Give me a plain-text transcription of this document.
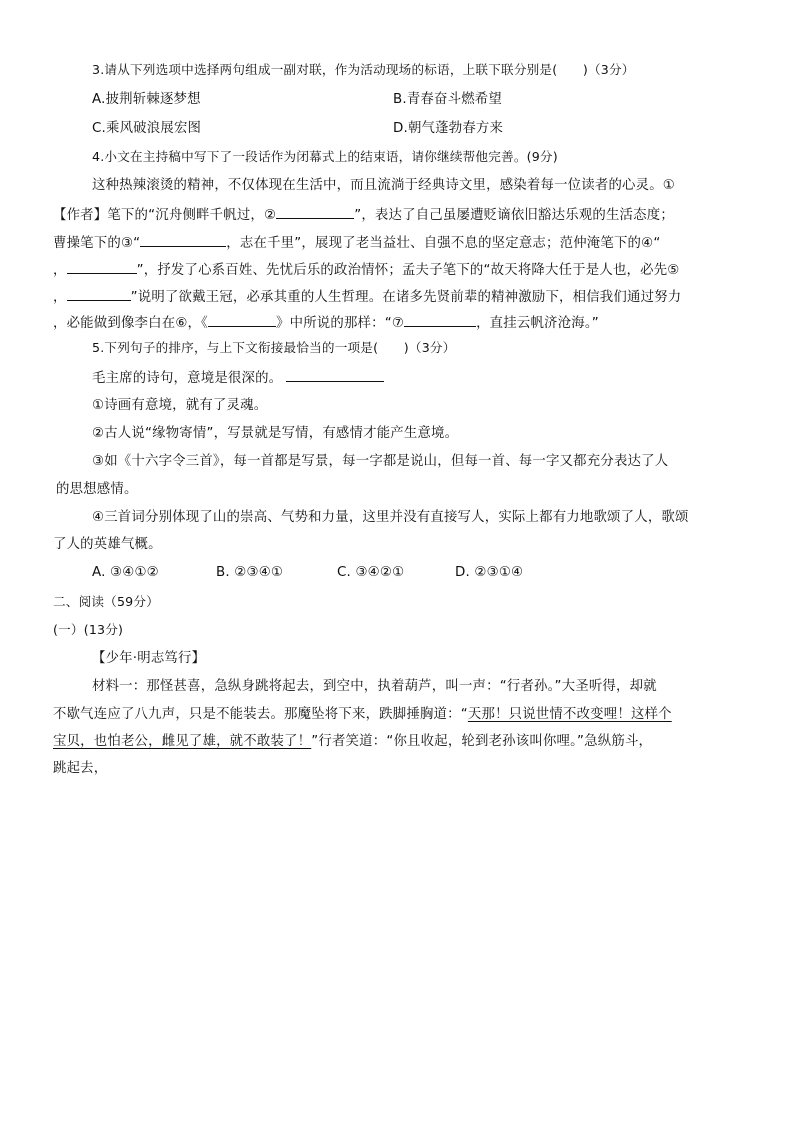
3.请从下列选项中选择两句组成一副对联，作为活动现场的标语，上联下联分别是(　　)（3分）
A.披荆斩棘逐梦想	B.青春奋斗燃希望
C.乘风破浪展宏图	D.朝气蓬勃春方来
4.小文在主持稿中写下了一段话作为闭幕式上的结束语，请你继续帮他完善。(9分)
这种热辣滚烫的精神，不仅体现在生活中，而且流淌于经典诗文里，感染着每一位读者的心灵。①
【作者】笔下的“沉舟侧畔千帆过，②	”，表达了自己虽屡遭贬谪依旧豁达乐观的生活态度；
曹操笔下的③“	，志在千里”，展现了老当益壮、自强不息的坚定意志；范仲淹笔下的④“
，	”，抒发了心系百姓、先忧后乐的政治情怀；孟夫子笔下的“故天将降大任于是人也，必先⑤
，	”说明了欲戴王冠，必承其重的人生哲理。在诸多先贤前辈的精神激励下，相信我们通过努力
，必能做到像李白在⑥，《	》中所说的那样：“⑦	，直挂云帆济沧海。”
5.下列句子的排序，与上下文衔接最恰当的一项是(　　)（3分）
毛主席的诗句，意境是很深的。
①诗画有意境，就有了灵魂。
②古人说“缘物寄情”，写景就是写情，有感情才能产生意境。
③如《十六字令三首》，每一首都是写景，每一字都是说山，但每一首、每一字又都充分表达了人
的思想感情。
④三首词分别体现了山的崇高、气势和力量，这里并没有直接写人，实际上都有力地歌颂了人，歌颂
了人的英雄气概。
A. ③④①②	B. ②③④①	C. ③④②①	D. ②③①④
二、阅读（59分）
(一）(13分)
【少年·明志笃行】
材料一：那怪甚喜，急纵身跳将起去，到空中，执着葫芦，叫一声：“行者孙。”大圣听得，却就
不歇气连应了八九声，只是不能装去。那魔坠将下来，跌脚捶胸道：“天那！只说世情不改变哩！这样个
宝贝，也怕老公，雌见了雄，就不敢装了！”行者笑道：“你且收起，轮到老孙该叫你哩。”急纵筋斗，
跳起去，
